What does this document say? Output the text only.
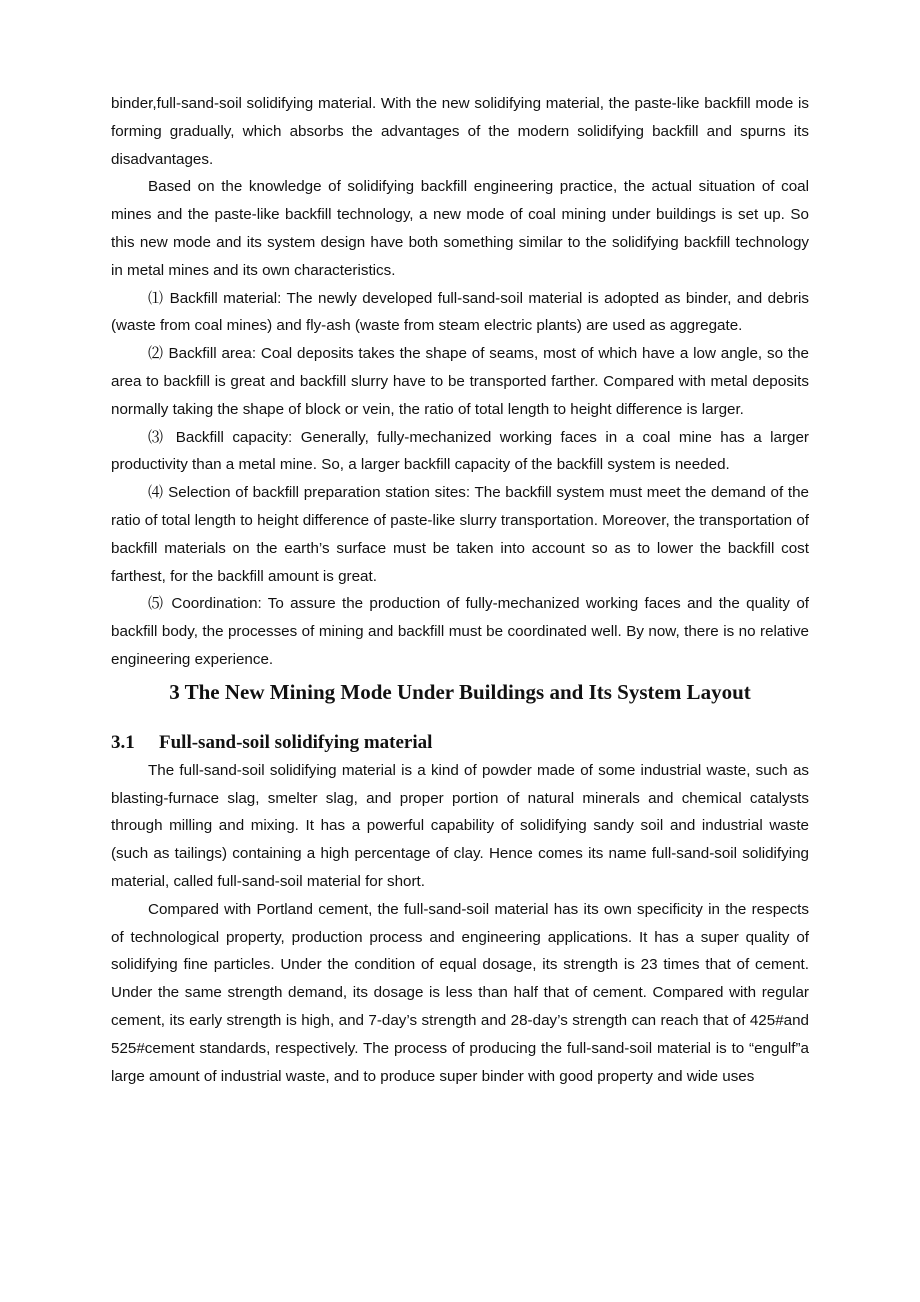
binder,full-sand-soil solidifying material. With the new solidifying material, the paste-like backfill mode is forming gradually, which absorbs the advantages of the modern solidifying backfill and spurns its disadvantages.

Based on the knowledge of solidifying backfill engineering practice, the actual situation of coal mines and the paste-like backfill technology, a new mode of coal mining under buildings is set up. So this new mode and its system design have both something similar to the solidifying backfill technology in metal mines and its own characteristics.

⑴ Backfill material: The newly developed full-sand-soil material is adopted as binder, and debris (waste from coal mines) and fly-ash (waste from steam electric plants) are used as aggregate.

⑵ Backfill area: Coal deposits takes the shape of seams, most of which have a low angle, so the area to backfill is great and backfill slurry have to be transported farther. Compared with metal deposits normally taking the shape of block or vein, the ratio of total length to height difference is larger.

⑶ Backfill capacity: Generally, fully-mechanized working faces in a coal mine has a larger productivity than a metal mine. So, a larger backfill capacity of the backfill system is needed.

⑷ Selection of backfill preparation station sites: The backfill system must meet the demand of the ratio of total length to height difference of paste-like slurry transportation. Moreover, the transportation of backfill materials on the earth’s surface must be taken into account so as to lower the backfill cost farthest, for the backfill amount is great.

⑸ Coordination: To assure the production of fully-mechanized working faces and the quality of backfill body, the processes of mining and backfill must be coordinated well. By now, there is no relative engineering experience.

3 The New Mining Mode Under Buildings and Its System Layout
3.1 Full-sand-soil solidifying material

The full-sand-soil solidifying material is a kind of powder made of some industrial waste, such as blasting-furnace slag, smelter slag, and proper portion of natural minerals and chemical catalysts through milling and mixing. It has a powerful capability of solidifying sandy soil and industrial waste (such as tailings) containing a high percentage of clay. Hence comes its name full-sand-soil solidifying material, called full-sand-soil material for short.

Compared with Portland cement, the full-sand-soil material has its own specificity in the respects of technological property, production process and engineering applications. It has a super quality of solidifying fine particles. Under the condition of equal dosage, its strength is 23 times that of cement. Under the same strength demand, its dosage is less than half that of cement. Compared with regular cement, its early strength is high, and 7-day’s strength and 28-day’s strength can reach that of 425#and 525#cement standards, respectively. The process of producing the full-sand-soil material is to “engulf”a large amount of industrial waste, and to produce super binder with good property and wide uses
